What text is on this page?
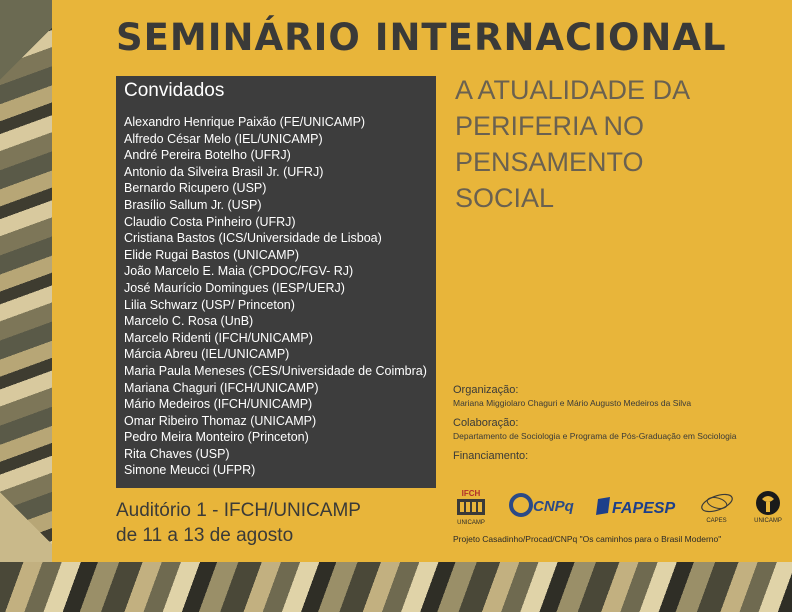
SEMINÁRIO INTERNACIONAL
Convidados
Alexandro Henrique Paixão (FE/UNICAMP)
Alfredo César Melo (IEL/UNICAMP)
André Pereira Botelho (UFRJ)
Antonio da Silveira Brasil Jr. (UFRJ)
Bernardo Ricupero (USP)
Brasílio Sallum Jr. (USP)
Claudio Costa Pinheiro (UFRJ)
Cristiana Bastos (ICS/Universidade de Lisboa)
Elide Rugai Bastos (UNICAMP)
João Marcelo E. Maia (CPDOC/FGV- RJ)
José Maurício Domingues (IESP/UERJ)
Lilia Schwarz (USP/ Princeton)
Marcelo C. Rosa (UnB)
Marcelo Ridenti (IFCH/UNICAMP)
Márcia Abreu (IEL/UNICAMP)
Maria Paula Meneses (CES/Universidade de Coimbra)
Mariana Chaguri (IFCH/UNICAMP)
Mário Medeiros (IFCH/UNICAMP)
Omar Ribeiro Thomaz (UNICAMP)
Pedro Meira Monteiro (Princeton)
Rita Chaves (USP)
Simone Meucci (UFPR)
A ATUALIDADE DA
PERIFERIA NO
PENSAMENTO
SOCIAL
Auditório 1 - IFCH/UNICAMP
de 11 a 13 de agosto

Organização:

Mariana Miggiolaro Chaguri e Mário Augusto Medeiros da Silva

Colaboração:

Departamento de Sociologia e Programa de Pós-Graduação em Sociologia

Financiamento:

IFCH
UNICAMP
CNPq FAPESP
CAPES	UNICAMP
Projeto Casadinho/Procad/CNPq "Os caminhos para o Brasil Moderno"
